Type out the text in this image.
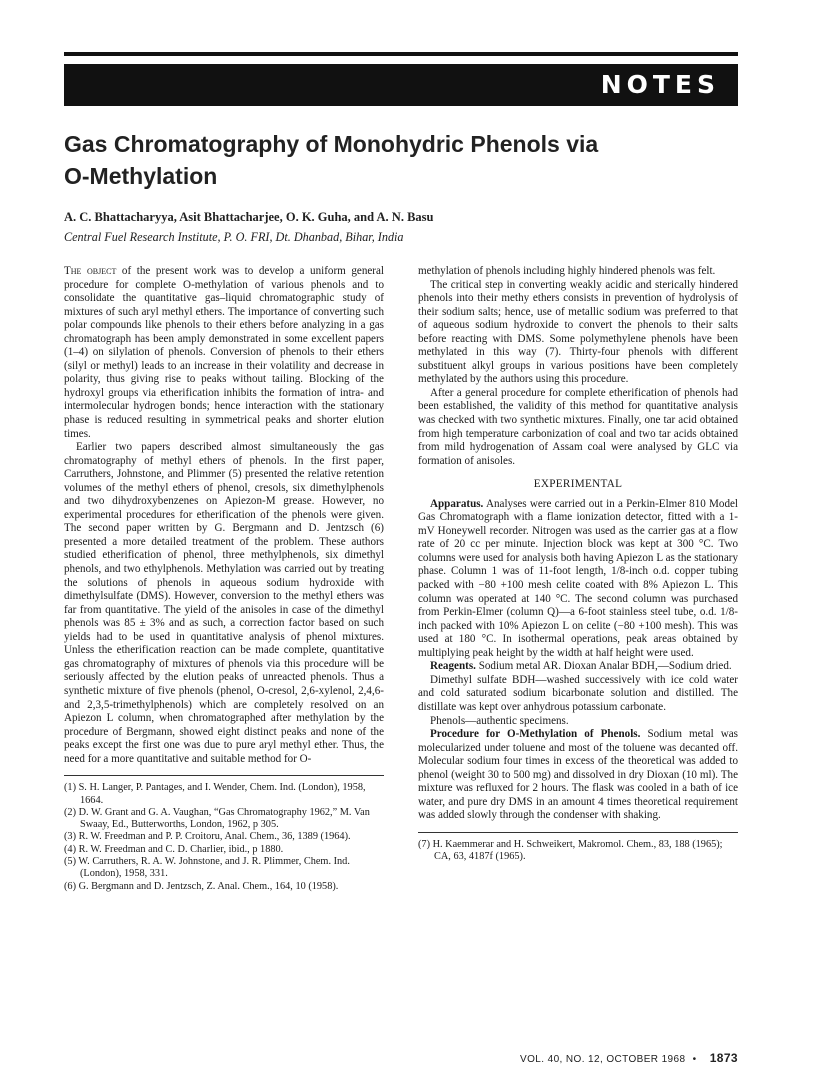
NOTES
Gas Chromatography of Monohydric Phenols via O-Methylation
A. C. Bhattacharyya, Asit Bhattacharjee, O. K. Guha, and A. N. Basu
Central Fuel Research Institute, P. O. FRI, Dt. Dhanbad, Bihar, India

The object of the present work was to develop a uniform general procedure for complete O-methylation of various phenols and to consolidate the quantitative gas–liquid chromatographic study of mixtures of such aryl methyl ethers. The importance of converting such polar compounds like phenols to their ethers before analyzing in a gas chromatograph has been amply demonstrated in some excellent papers (1–4) on silylation of phenols. Conversion of phenols to their ethers (silyl or methyl) leads to an increase in their volatility and decrease in polarity, thus giving rise to peaks without tailing. Blocking of the hydroxyl groups via etherification inhibits the formation of intra- and intermolecular hydrogen bonds; hence interaction with the stationary phase is reduced resulting in symmetrical peaks and shorter elution times.

Earlier two papers described almost simultaneously the gas chromatography of methyl ethers of phenols. In the first paper, Carruthers, Johnstone, and Plimmer (5) presented the relative retention volumes of the methyl ethers of phenol, cresols, six dimethylphenols and two dihydroxybenzenes on Apiezon-M grease. However, no experimental procedures for etherification of the phenols were given. The second paper written by G. Bergmann and D. Jentzsch (6) presented a more detailed treatment of the problem. These authors studied etherification of phenol, three methylphenols, six dimethyl phenols, and two ethylphenols. Methylation was carried out by treating the solutions of phenols in aqueous sodium hydroxide with dimethylsulfate (DMS). However, conversion to the methyl ethers was far from quantitative. The yield of the anisoles in case of the dimethyl phenols was 85 ± 3% and as such, a correction factor based on such yields had to be used in quantitative analysis of phenol mixtures. Unless the etherification reaction can be made complete, quantitative gas chromatography of mixtures of phenols via this procedure will be seriously affected by the elution peaks of unreacted phenols. Thus a synthetic mixture of five phenols (phenol, O-cresol, 2,6-xylenol, 2,4,6- and 2,3,5-trimethylphenols) which are completely resolved on an Apiezon L column, when chromatographed after methylation by the procedure of Bergmann, showed eight distinct peaks and none of the peaks except the first one was due to pure aryl methyl ether. Thus, the need for a more quantitative and suitable method for O-

(1) S. H. Langer, P. Pantages, and I. Wender, Chem. Ind. (London), 1958, 1664.
(2) D. W. Grant and G. A. Vaughan, “Gas Chromatography 1962,” M. Van Swaay, Ed., Butterworths, London, 1962, p 305.
(3) R. W. Freedman and P. P. Croitoru, Anal. Chem., 36, 1389 (1964).
(4) R. W. Freedman and C. D. Charlier, ibid., p 1880.
(5) W. Carruthers, R. A. W. Johnstone, and J. R. Plimmer, Chem. Ind. (London), 1958, 331.
(6) G. Bergmann and D. Jentzsch, Z. Anal. Chem., 164, 10 (1958).

methylation of phenols including highly hindered phenols was felt.

The critical step in converting weakly acidic and sterically hindered phenols into their methy ethers consists in prevention of hydrolysis of their sodium salts; hence, use of metallic sodium was preferred to that of aqueous sodium hydroxide to convert the phenols to their salts before reacting with DMS. Some polymethylene phenols have been methylated in this way (7). Thirty-four phenols with different substituent alkyl groups in various positions have been completely methylated by the authors using this procedure.

After a general procedure for complete etherification of phenols had been established, the validity of this method for quantitative analysis was checked with two synthetic mixtures. Finally, one tar acid obtained from high temperature carbonization of coal and two tar acids obtained from mild hydrogenation of Assam coal were analysed by GLC via formation of anisoles.

EXPERIMENTAL

Apparatus. Analyses were carried out in a Perkin-Elmer 810 Model Gas Chromatograph with a flame ionization detector, fitted with a 1-mV Honeywell recorder. Nitrogen was used as the carrier gas at a flow rate of 20 cc per minute. Injection block was kept at 300 °C. Two columns were used for analysis both having Apiezon L as the stationary phase. Column 1 was of 11-foot length, 1/8-inch o.d. copper tubing packed with −80 +100 mesh celite coated with 8% Apiezon L. This column was operated at 140 °C. The second column was purchased from Perkin-Elmer (column Q)—a 6-foot stainless steel tube, o.d. 1/8-inch packed with 10% Apiezon L on celite (−80 +100 mesh). This was used at 180 °C. In isothermal operations, peak areas obtained by multiplying peak height by the width at half height were used.

Reagents. Sodium metal AR. Dioxan Analar BDH,—Sodium dried.

Dimethyl sulfate BDH—washed successively with ice cold water and cold saturated sodium bicarbonate solution and distilled. The distillate was kept over anhydrous potassium carbonate.

Phenols—authentic specimens.

Procedure for O-Methylation of Phenols. Sodium metal was molecularized under toluene and most of the toluene was decanted off. Molecular sodium four times in excess of the theoretical was added to phenol (weight 30 to 500 mg) and dissolved in dry Dioxan (10 ml). The mixture was refluxed for 2 hours. The flask was cooled in a bath of ice water, and pure dry DMS in an amount 4 times theoretical requirement was added slowly through the condenser with shaking.

(7) H. Kaemmerar and H. Schweikert, Makromol. Chem., 83, 188 (1965); CA, 63, 4187f (1965).
VOL. 40, NO. 12, OCTOBER 1968 • 1873
